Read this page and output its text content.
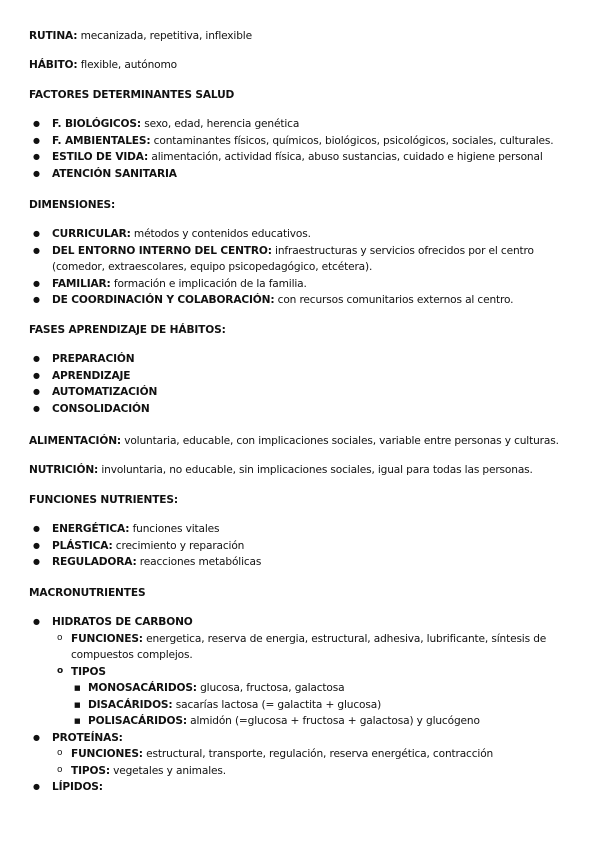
RUTINA: mecanizada, repetitiva, inflexible

HÁBITO: flexible, autónomo

FACTORES DETERMINANTES SALUD

● F. BIOLÓGICOS: sexo, edad, herencia genética
● F. AMBIENTALES: contaminantes físicos, químicos, biológicos, psicológicos, sociales, culturales.
● ESTILO DE VIDA: alimentación, actividad física, abuso sustancias, cuidado e higiene personal
● ATENCIÓN SANITARIA

DIMENSIONES:

● CURRICULAR: métodos y contenidos educativos.
● DEL ENTORNO INTERNO DEL CENTRO: infraestructuras y servicios ofrecidos por el centro (comedor, extraescolares, equipo psicopedagógico, etcétera).
● FAMILIAR: formación e implicación de la familia.
● DE COORDINACIÓN Y COLABORACIÓN: con recursos comunitarios externos al centro.

FASES APRENDIZAJE DE HÁBITOS:

● PREPARACIÓN
● APRENDIZAJE
● AUTOMATIZACIÓN
● CONSOLIDACIÓN

ALIMENTACIÓN: voluntaria, educable, con implicaciones sociales, variable entre personas y culturas.

NUTRICIÓN: involuntaria, no educable, sin implicaciones sociales, igual para todas las personas.

FUNCIONES NUTRIENTES:

● ENERGÉTICA: funciones vitales
● PLÁSTICA: crecimiento y reparación
● REGULADORA: reacciones metabólicas

MACRONUTRIENTES

● HIDRATOS DE CARBONO
o FUNCIONES: energetica, reserva de energia, estructural, adhesiva, lubrificante, síntesis de compuestos complejos.
o TIPOS
■ MONOSACÁRIDOS: glucosa, fructosa, galactosa
■ DISACÁRIDOS: sacarías lactosa (= galactita + glucosa)
■ POLISACÁRIDOS: almidón (=glucosa + fructosa + galactosa) y glucógeno
● PROTEÍNAS:
o FUNCIONES: estructural, transporte, regulación, reserva energética, contracción
o TIPOS: vegetales y animales.
● LÍPIDOS:
